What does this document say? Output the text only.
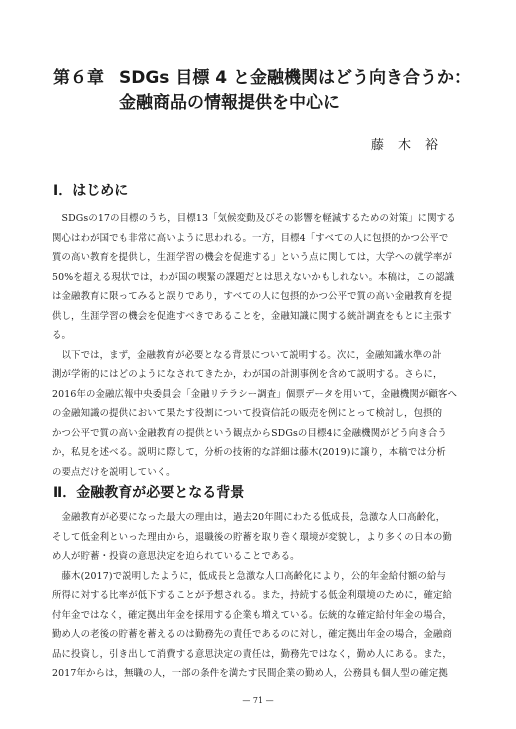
第６章 SDGs 目標 4 と金融機関はどう向き合うか：
金融商品の情報提供を中心に
藤木裕
Ⅰ．はじめに
　SDGsの17の目標のうち，目標13「気候変動及びその影響を軽減するための対策」に関する
関心はわが国でも非常に高いように思われる。一方，目標4「すべての人に包摂的かつ公平で
質の高い教育を提供し，生涯学習の機会を促進する」という点に関しては，大学への就学率が
50%を超える現状では，わが国の喫緊の課題だとは思えないかもしれない。本稿は，この認識
は金融教育に限ってみると誤りであり，すべての人に包摂的かつ公平で質の高い金融教育を提
供し，生涯学習の機会を促進すべきであることを，金融知識に関する統計調査をもとに主張す
る。
　以下では，まず，金融教育が必要となる背景について説明する。次に，金融知識水準の計
測が学術的にはどのようになされてきたか，わが国の計測事例を含めて説明する。さらに，
2016年の金融広報中央委員会「金融リテラシー調査」個票データを用いて，金融機関が顧客へ
の金融知識の提供において果たす役割について投資信託の販売を例にとって検討し，包摂的
かつ公平で質の高い金融教育の提供という観点からSDGsの目標4に金融機関がどう向き合う
か，私見を述べる。説明に際して，分析の技術的な詳細は藤木(2019)に譲り，本稿では分析
の要点だけを説明していく。
Ⅱ．金融教育が必要となる背景
　金融教育が必要になった最大の理由は，過去20年間にわたる低成長，急激な人口高齢化，
そして低金利といった理由から，退職後の貯蓄を取り巻く環境が変貌し，より多くの日本の勤
め人が貯蓄・投資の意思決定を迫られていることである。
　藤木(2017)で説明したように，低成長と急激な人口高齢化により，公的年金給付額の給与
所得に対する比率が低下することが予想される。また，持続する低金利環境のために，確定給
付年金ではなく，確定拠出年金を採用する企業も増えている。伝統的な確定給付年金の場合，
勤め人の老後の貯蓄を蓄えるのは勤務先の責任であるのに対し，確定拠出年金の場合，金融商
品に投資し，引き出して消費する意思決定の責任は，勤務先ではなく，勤め人にある。また，
2017年からは，無職の人，一部の条件を満たす民間企業の勤め人，公務員も個人型の確定拠
— 71 —
